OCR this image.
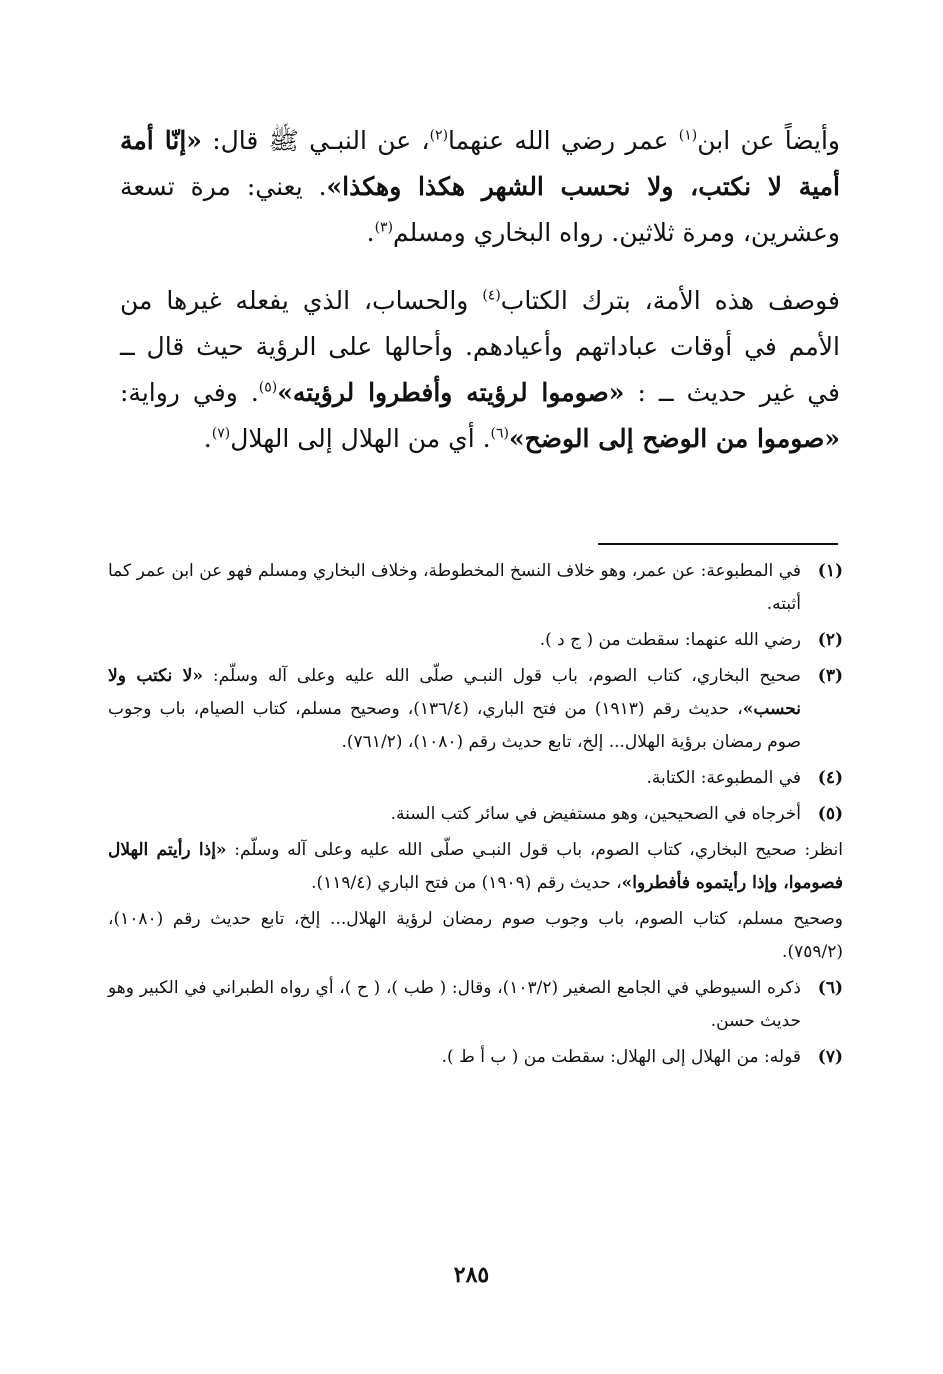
وأيضاً عن ابن$^{(١)}$ عمر رضي الله عنهما$^{(٢)}$، عن النبـي ﷺ قال: «إنّا أمة أمية لا نكتب، ولا نحسب الشهر هكذا وهكذا». يعني: مرة تسعة وعشرين، ومرة ثلاثين. رواه البخاري ومسلم$^{(٣)}$.

فوصف هذه الأمة، بترك الكتاب$^{(٤)}$ والحساب، الذي يفعله غيرها من الأمم في أوقات عباداتهم وأعيادهم. وأحالها على الرؤية حيث قال ــ في غير حديث ــ : «صوموا لرؤيته وأفطروا لرؤيته»$^{(٥)}$. وفي رواية: «صوموا من الوضح إلى الوضح»$^{(٦)}$. أي من الهلال إلى الهلال$^{(٧)}$.

(١)
في المطبوعة: عن عمر، وهو خلاف النسخ المخطوطة، وخلاف البخاري ومسلم فهو عن ابن عمر كما أثبته.
(٢)
رضي الله عنهما: سقطت من ( ج د ).
(٣)
صحيح البخاري، كتاب الصوم، باب قول النبـي صلّى الله عليه وعلى آله وسلّم: «لا نكتب ولا نحسب»، حديث رقم (١٩١٣) من فتح الباري، (١٣٦/٤)، وصحيح مسلم، كتاب الصيام، باب وجوب صوم رمضان برؤية الهلال... إلخ، تابع حديث رقم (١٠٨٠)، (٧٦١/٢).
(٤)
في المطبوعة: الكتابة.
(٥)
أخرجاه في الصحيحين، وهو مستفيض في سائر كتب السنة.
انظر: صحيح البخاري، كتاب الصوم، باب قول النبـي صلّى الله عليه وعلى آله وسلّم: «إذا رأيتم الهلال فصوموا، وإذا رأيتموه فأفطروا»، حديث رقم (١٩٠٩) من فتح الباري (١١٩/٤).
وصحيح مسلم، كتاب الصوم، باب وجوب صوم رمضان لرؤية الهلال... إلخ، تابع حديث رقم (١٠٨٠)، (٧٥٩/٢).
(٦)
ذكره السيوطي في الجامع الصغير (١٠٣/٢)، وقال: ( طب )، ( ح )، أي رواه الطبراني في الكبير وهو حديث حسن.
(٧)
قوله: من الهلال إلى الهلال: سقطت من ( ب أ ط ).
٢٨٥
